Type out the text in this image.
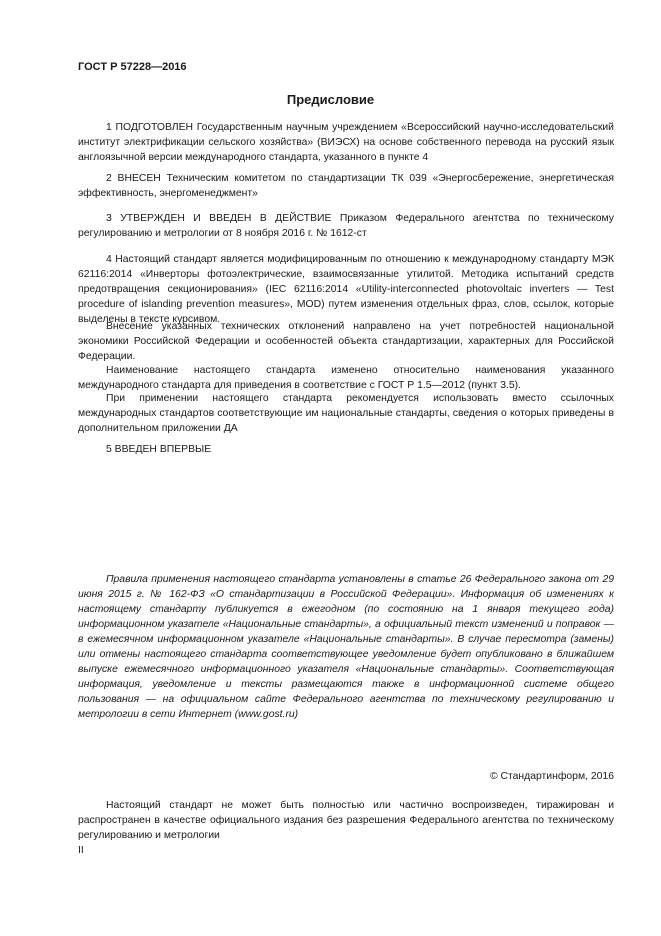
ГОСТ Р 57228—2016
Предисловие
1 ПОДГОТОВЛЕН Государственным научным учреждением «Всероссийский научно-исследовательский институт электрификации сельского хозяйства» (ВИЭСХ) на основе собственного перевода на русский язык англоязычной версии международного стандарта, указанного в пункте 4
2 ВНЕСЕН Техническим комитетом по стандартизации ТК 039 «Энергосбережение, энергетическая эффективность, энергоменеджмент»
3 УТВЕРЖДЕН И ВВЕДЕН В ДЕЙСТВИЕ Приказом Федерального агентства по техническому регулированию и метрологии от 8 ноября 2016 г. № 1612-ст
4 Настоящий стандарт является модифицированным по отношению к международному стандарту МЭК 62116:2014 «Инверторы фотоэлектрические, взаимосвязанные утилитой. Методика испытаний средств предотвращения секционирования» (IEC 62116:2014 «Utility-interconnected photovoltaic inverters — Test procedure of islanding prevention measures», MOD) путем изменения отдельных фраз, слов, ссылок, которые выделены в тексте курсивом.
Внесение указанных технических отклонений направлено на учет потребностей национальной экономики Российской Федерации и особенностей объекта стандартизации, характерных для Российской Федерации.
Наименование настоящего стандарта изменено относительно наименования указанного международного стандарта для приведения в соответствие с ГОСТ Р 1.5—2012 (пункт 3.5).
При применении настоящего стандарта рекомендуется использовать вместо ссылочных международных стандартов соответствующие им национальные стандарты, сведения о которых приведены в дополнительном приложении ДА
5 ВВЕДЕН ВПЕРВЫЕ
Правила применения настоящего стандарта установлены в статье 26 Федерального закона от 29 июня 2015 г. № 162-ФЗ «О стандартизации в Российской Федерации». Информация об изменениях к настоящему стандарту публикуется в ежегодном (по состоянию на 1 января текущего года) информационном указателе «Национальные стандарты», а официальный текст изменений и поправок — в ежемесячном информационном указателе «Национальные стандарты». В случае пересмотра (замены) или отмены настоящего стандарта соответствующее уведомление будет опубликовано в ближайшем выпуске ежемесячного информационного указателя «Национальные стандарты». Соответствующая информация, уведомление и тексты размещаются также в информационной системе общего пользования — на официальном сайте Федерального агентства по техническому регулированию и метрологии в сети Интернет (www.gost.ru)
© Стандартинформ, 2016
Настоящий стандарт не может быть полностью или частично воспроизведен, тиражирован и распространен в качестве официального издания без разрешения Федерального агентства по техническому регулированию и метрологии
II
